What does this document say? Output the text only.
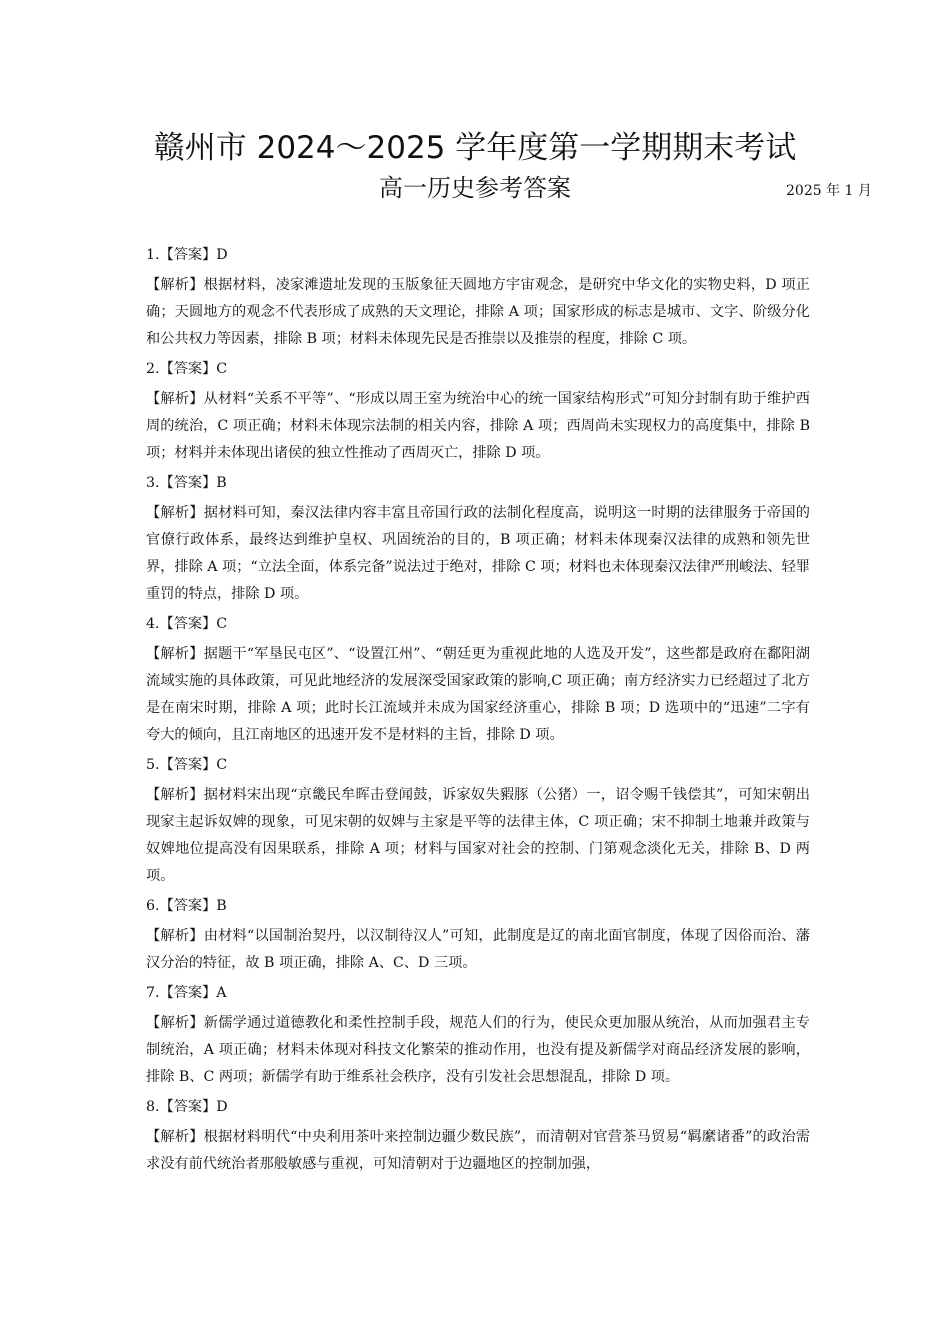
赣州市 2024～2025 学年度第一学期期末考试
高一历史参考答案	2025 年 1 月

1.【答案】D

【解析】根据材料，凌家滩遗址发现的玉版象征天圆地方宇宙观念，是研究中华文化的实物史料，D 项正确；天圆地方的观念不代表形成了成熟的天文理论，排除 A 项；国家形成的标志是城市、文字、阶级分化和公共权力等因素，排除 B 项；材料未体现先民是否推崇以及推崇的程度，排除 C 项。

2.【答案】C

【解析】从材料“关系不平等”、“形成以周王室为统治中心的统一国家结构形式”可知分封制有助于维护西周的统治，C 项正确；材料未体现宗法制的相关内容，排除 A 项；西周尚未实现权力的高度集中，排除 B 项；材料并未体现出诸侯的独立性推动了西周灭亡，排除 D 项。

3.【答案】B

【解析】据材料可知，秦汉法律内容丰富且帝国行政的法制化程度高，说明这一时期的法律服务于帝国的官僚行政体系，最终达到维护皇权、巩固统治的目的，B 项正确；材料未体现秦汉法律的成熟和领先世界，排除 A 项；“立法全面，体系完备”说法过于绝对，排除 C 项；材料也未体现秦汉法律严刑峻法、轻罪重罚的特点，排除 D 项。

4.【答案】C

【解析】据题干“军垦民屯区”、“设置江州”、“朝廷更为重视此地的人选及开发”，这些都是政府在鄱阳湖流域实施的具体政策，可见此地经济的发展深受国家政策的影响,C 项正确；南方经济实力已经超过了北方是在南宋时期，排除 A 项；此时长江流域并未成为国家经济重心，排除 B 项；D 选项中的“迅速”二字有夸大的倾向，且江南地区的迅速开发不是材料的主旨，排除 D 项。

5.【答案】C

【解析】据材料宋出现“京畿民牟晖击登闻鼓，诉家奴失豭豚（公猪）一，诏令赐千钱偿其”，可知宋朝出现家主起诉奴婢的现象，可见宋朝的奴婢与主家是平等的法律主体，C 项正确；宋不抑制土地兼并政策与奴婢地位提高没有因果联系，排除 A 项；材料与国家对社会的控制、门第观念淡化无关，排除 B、D 两项。

6.【答案】B

【解析】由材料“以国制治契丹，以汉制待汉人”可知，此制度是辽的南北面官制度，体现了因俗而治、藩汉分治的特征，故 B 项正确，排除 A、C、D 三项。

7.【答案】A

【解析】新儒学通过道德教化和柔性控制手段，规范人们的行为，使民众更加服从统治，从而加强君主专制统治，A 项正确；材料未体现对科技文化繁荣的推动作用，也没有提及新儒学对商品经济发展的影响，排除 B、C 两项；新儒学有助于维系社会秩序，没有引发社会思想混乱，排除 D 项。

8.【答案】D

【解析】根据材料明代“中央利用茶叶来控制边疆少数民族”，而清朝对官营茶马贸易“羁縻诸番”的政治需求没有前代统治者那般敏感与重视，可知清朝对于边疆地区的控制加强，
